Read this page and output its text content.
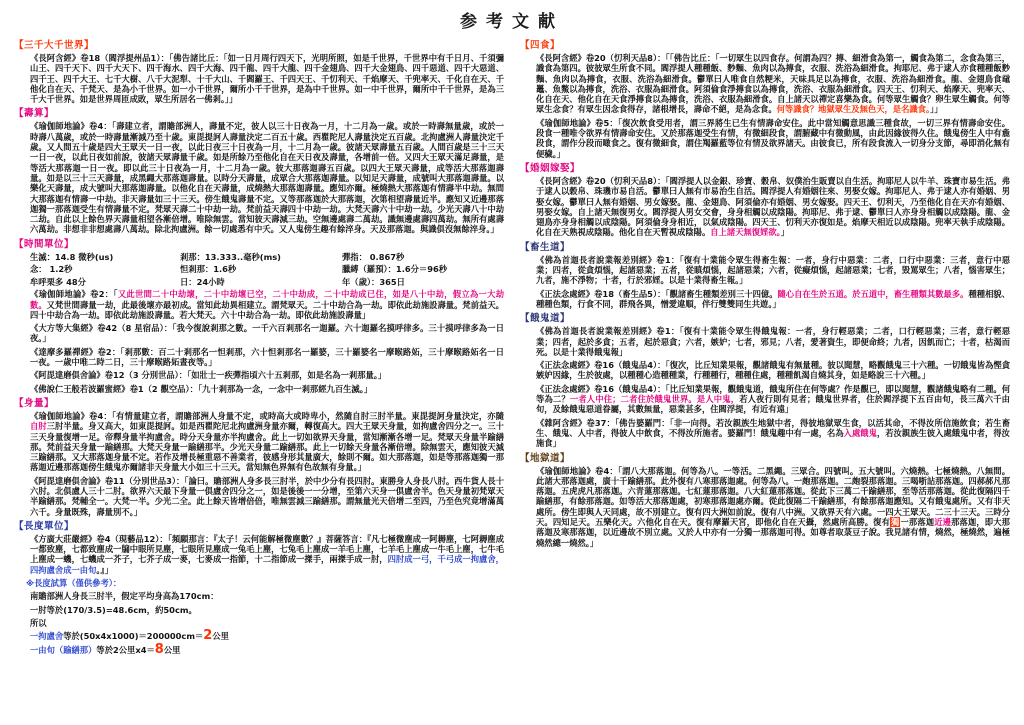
参考文献
【三千大千世界】
《長阿含經》卷18（閻浮提州品1）：「佛告諸比丘：「如一日月周行四天下，光明所照，如是千世界，千世界中有千日月、千須彌山王、四千天下、四千大天下、四千海水、四千大海、四千龍、四千大龍、四千金翅鳥、四千大金翅鳥、四千惡道、四千大惡道、四千王、四千大王、七千大樹、八千大泥犁、十千大山、千閻羅王、千四天王、千忉利天、千焰摩天、千兜率天、千化自在天、千他化自在天、千梵天、是為小千世界。如一小千世界，爾所小千千世界，是為中千世界。如一中千世界，爾所中千千世界，是為三千大千世界。如是世界周匝成敗，眾生所居名一佛剎。」」
【壽算】
《瑜伽師地論》卷4：「壽建立者，謂贍部洲人，壽量不定，彼人以三十日夜為一月，十二月為一歲。或於一時壽無量歲，或於一時壽八萬歲，或於一時壽量漸減乃至十歲。東毘提訶人壽量決定二百五十歲。西瞿陀尼人壽量決定五百歲。北拘盧洲人壽量決定千歲。又人間五十歲是四大王眾天一日一夜，以此日夜三十日夜為一月，十二月為一歲。彼諸天眾壽量五百歲。人間百歲是三十三天一日一夜，以此日夜如前說，彼諸天眾壽量千歲。如是所餘乃至他化自在天日夜及壽量，各增前一倍。又四大王眾天滿足壽量，是等活大那落迦一日一夜。即以此三十日夜為一月，十二月為一歲。彼大那落迦壽五百歲。以四大王眾天壽量，成等活大那落迦壽量。如是以三十三天壽量，成黑繩大那落迦壽量。以時分天壽量，成眾合大那落迦壽量。以知足天壽量，成號叫大那落迦壽量。以樂化天壽量，成大號叫大那落迦壽量。以他化自在天壽量，成燒熱大那落迦壽量。應知亦爾。極燒熱大那落迦有情壽半中劫。無間大那落迦有情壽一中劫。非天壽量如三十三天。傍生餓鬼壽量不定。又等那落迦於大那落迦，次第相望壽量近半。應知又近邊那落迦獨一那落迦受生有情壽量不定。梵眾天壽二十中劫一劫。梵前益天壽四十中劫一劫。大梵天壽六十中劫一劫。少光天壽八十中劫二劫。自此以上餘色界天壽量相望各漸倍增。唯除無雲。當知彼天壽減三劫。空無邊處壽二萬劫。識無邊處壽四萬劫。無所有處壽六萬劫。非想非非想處壽八萬劫。除北拘盧洲。餘一切處悉有中夭。又人鬼傍生趣有餘淬身。天及那落迦。與識俱沒無餘淬身。」
【時間單位】
生滅：14.8 微秒(us)	剎那：13.333..毫秒(ms)	彈指： 0.867秒
念： 1.2秒	怛剎那：1.6秒	臘縛（羅預）：1.6分＝96秒
牟呼栗多 48分	日：24小時	年（歲）：365日
《瑜伽師地論》卷2：「又此世間二十中劫壞，二十中劫壞已空，二十中劫成，二十中劫成已住，如是八十中劫，假立為一大劫數。又梵世間壽量一劫，此最後壞亦最初成。當知此劫異相建立。謂梵眾天。二十中劫合為一劫。即依此劫施設壽量。梵前益天。四十中劫合為一劫。即依此劫施設壽量。若大梵天。六十中劫合為一劫。即依此劫施設壽量」
《大方等大集經》卷42（8 星宿品）：「我今復說剎那之數。一千六百剎那名一迦羅。六十迦羅名摸呼律多。三十摸呼律多為一日夜。」
《達摩多羅禪經》卷2：「剎那數：百二十剎那名一怛剎那，六十怛剎那名一羅婆，三十羅婆名一摩睺路妬，三十摩睺路妬名一日一夜。一歲中唯二時二日，三十摩睺路妬晝夜等。」
《阿毘達磨俱舍論》卷12（3 分別世品）：「如壯士一疾彈指頃六十五剎那，如是名為一剎那量。」
《佛說仁王般若波羅蜜經》卷1（2 觀空品）：「九十剎那為一念，一念中一剎那經九百生滅。」
【身量】
《瑜伽師地論》卷4：「有情量建立者，謂贍部洲人身量不定，或時高大或時卑小，然隨自肘三肘半量。東毘提訶身量決定，亦隨自肘三肘半量。身又高大，如東毘提訶。如是西瞿陀尼北拘盧洲身量亦爾，轉復高大。四大王眾天身量，如拘盧舍四分之一。三十三天身量復增一足。帝釋身量半拘盧舍。時分天身量亦半拘盧舍。此上一切如欲界天身量，當知漸漸各增一足。梵眾天身量半踰繕那。梵前益天身量一踰繕那。大梵天身量一踰繕那半。少光天身量二踰繕那。此上一切餘天身量各漸倍增。除無雲天，應知彼天減三踰繕那。又大那落迦身量不定。若作及增長極重惡不善業者，彼感身形其量廣大，餘則不爾。如大那落迦，如是等那落迦獨一那落迦近邊那落迦傍生餓鬼亦爾諸非天身量大小如三十三天。當知無色界無有色故無有身量。」
《阿毘達磨俱舍論》卷11（分別世品3）：「論曰。贍部洲人身多長三肘半，於中少分有長四肘。東勝身人身長八肘。西牛貨人長十六肘。北俱盧人三十二肘。欲界六天最下身量一俱盧舍四分之一，如是後後一一分增，至第六天身一俱盧舍半。色天身量初梵眾天半踰繕那。梵輔全一。大梵一半。少光二全。此上餘天皆增倍倍，唯無雲減三踰繕那。謂無量光天倍增二至四，乃至色究竟增滿萬六千。身量既殊，壽量別不。」
【長度單位】
《方廣大莊嚴經》卷4（現藝品12）：「頻願那言：『太子！云何能解極微塵數？』菩薩答言：『凡七極微塵成一阿耨塵，七阿耨塵成一都致塵，七都致塵成一牖中眼所見塵，七眼所見塵成一兔毛上塵，七兔毛上塵成一羊毛上塵，七羊毛上塵成一牛毛上塵，七牛毛上塵成一蟣，七蟣成一芥子，七芥子成一麥，七麥成一指節，十二指節成一搩手，兩搩手成一肘，四肘成一弓，千弓成一拘盧舍，四拘盧舍成一由旬。』」
※長度試算（僅供參考）：
南贍部洲人身長三肘半，假定平均身高為170cm：
一肘等於(170/3.5)=48.6cm，約50cm。
所以
一拘盧舍等於(50x4x1000)＝200000cm＝2公里
一由旬（踰繕那）等於2公里x4＝8公里
【四食】
《長阿含經》卷20（忉利天品8）：「「佛告比丘：「一切眾生以四食存。何謂為四？摶、細滑食為第一，觸食為第二，念食為第三，識食為第四。彼彼眾生所食不同。閻浮提人種種飯、麨麵、魚肉以為摶食，衣服、洗浴為細滑食。拘耶尼、弗于逮人亦食種種飯麨麵、魚肉以為摶食，衣服、洗浴為細滑食。鬱單曰人唯食自然粳米，天味具足以為摶食，衣服、洗浴為細滑食。龍、金翅鳥食黿鼉、魚鱉以為摶食，洗浴、衣服為細滑食。阿須倫食淨摶食以為摶食，洗浴、衣服為細滑食。四天王、忉利天、焰摩天、兜率天、化自在天、他化自在天食淨摶食以為摶食，洗浴、衣服為細滑食。自上諸天以禪定喜樂為食。何等眾生觸食？卵生眾生觸食。何等眾生念食？有眾生因念食得存，諸根增長，壽命不絕，是為念食。何等識食？地獄眾生及無色天，是名識食。」」
《瑜伽師地論》卷5：「復次飲食受用者，謂三界將生已生有情壽命安住。此中當知觸意思識三種食故，一切三界有情壽命安住。段食一種唯令欲界有情壽命安住。又於那落迦受生有情，有微細段食，謂腑藏中有微動風，由此因緣彼得久住。餓鬼傍生人中有麁段食，謂作分段而噉食之。復有微細食，謂住羯羅藍等位有情及欲界諸天。由彼食已，所有段食流入一切身分支節，尋即消化無有便穢。」
【婚姻嫁娶】
《長阿含經》卷20（忉利天品8）：「閻浮提人以金銀、珍寶、穀帛、奴僕治生販賣以自生活。拘耶尼人以牛羊、珠寶市易生活。弗于逮人以穀帛、珠璣市易自活。鬱單曰人無有市易治生自活。閻浮提人有婚姻往來、男娶女嫁。拘耶尼人、弗于逮人亦有婚姻、男娶女嫁。鬱單曰人無有婚姻、男女嫁娶。龍、金翅鳥、阿須倫亦有婚姻、男女嫁娶。四天王、忉利天，乃至他化自在天亦有婚姻、男娶女嫁。自上諸天無復男女。閻浮提人男女交會，身身相觸以成陰陽。拘耶尼、弗于逮、鬱單曰人亦身身相觸以成陰陽。龍、金翅鳥亦身身相觸以成陰陽。阿須倫身身相近，以氣成陰陽。四天王、忉利天亦復如是。焰摩天相近以成陰陽。兜率天執手成陰陽。化自在天熟視成陰陽。他化自在天暫視成陰陽。自上諸天無復婬欲。」
【畜生道】
《佛為首迦長者說業報差別經》卷1：「復有十業能令眾生得畜生報：一者，身行中惡業：二者，口行中惡業：三者，意行中惡業；四者，從貪煩惱，起諸惡業；五者，從瞋煩惱，起諸惡業；六者，從癡煩惱，起諸惡業；七者，毀罵眾生；八者，惱害眾生；九者，施不淨物；十者，行於邪婬。以是十業得畜生報。」
《正法念處經》卷18（畜生品5）：「觀諸畜生種類差別三十四億。隨心自在生於五道。於五道中，畜生種類其數最多。種種相貌、種種色類，行食不同，群飛各異，憎愛違順，伴行雙雙同生共遊。」
【餓鬼道】
《佛為首迦長者說業報差別經》卷1：「復有十業能令眾生得餓鬼報：一者，身行輕惡業；二者，口行輕惡業；三者，意行輕惡業；四者，起於多貪；五者，起於惡貪；六者，嫉妒；七者，邪見；八者，愛著資生，即便命終；九者，因飢而亡；十者，枯渴而死。以是十業得餓鬼報」
《正法念處經》卷16（餓鬼品4）：「復次，比丘知業果報，觀諸餓鬼有無量種。彼以聞慧，略觀餓鬼三十六種。一切餓鬼皆為慳貪嫉妒因緣，生於彼處，以種種心造種種業，行種種行，種種住處，種種飢渴自燒其身，如是略說三十六種。」
《正法念處經》卷16（餓鬼品4）：「比丘知業果報，觀餓鬼道，餓鬼所住在何等處？作是觀已，即以聞慧，觀諸餓鬼略有二種。何等為二？一者人中住；二者住於餓鬼世界。是人中鬼，若人夜行則有見者；餓鬼世界者，住於閻浮提下五百由旬，長三萬六千由旬，及餘餓鬼惡道眷屬，其數無量，惡業甚多，住閻浮提，有近有遠」
《雜阿含經》卷37：「佛告婆羅門：「非一向得。若汝親族生地獄中者，得彼地獄眾生食，以活其命，不得汝所信施飲食；若生畜生、餓鬼、人中者，得彼人中飲食，不得汝所施者。婆羅門！餓鬼趣中有一處，名為入處餓鬼，若汝親族生彼入處餓鬼中者，得汝施食」
【地獄道】
《瑜伽師地論》卷4：「謂八大那落迦。何等為八。一等活。二黑繩。三眾合。四號叫。五大號叫。六燒熱。七極燒熱。八無間。此諸大那落迦處，廣十千踰繕那。此外復有八寒那落迦處。何等為八。一皰那落迦。二皰裂那落迦。三喝哳詀那落迦。四郝郝凡那落迦。五虎虎凡那落迦。六青蓮那落迦。七紅蓮那落迦。八大紅蓮那落迦。從此下三萬二千踰繕那，至等活那落迦。從此復隔四千踰繕那，有餘那落迦。如等活大那落迦處，初寒那落迦處亦爾。從此復隔二千踰繕那，有餘那落迦應知。又有餓鬼處所。又有非天處所。傍生即與人天同處，故不別建立。復有四大洲如前說。復有八中洲。又欲界天有六處。一四大王眾天。二三十三天。三時分天。四知足天。五樂化天。六他化自在天。復有摩羅天宮，即他化自在天攝，然處所高勝。復有獨一那落迦近邊那落迦，即大那落迦及寒那落迦，以近邊故不別立處。又於人中亦有一分獨一那落迦可得。如尊者取菉豆子說。我見諸有情，燒然，極燒然，遍極燒然總一燒然。」
